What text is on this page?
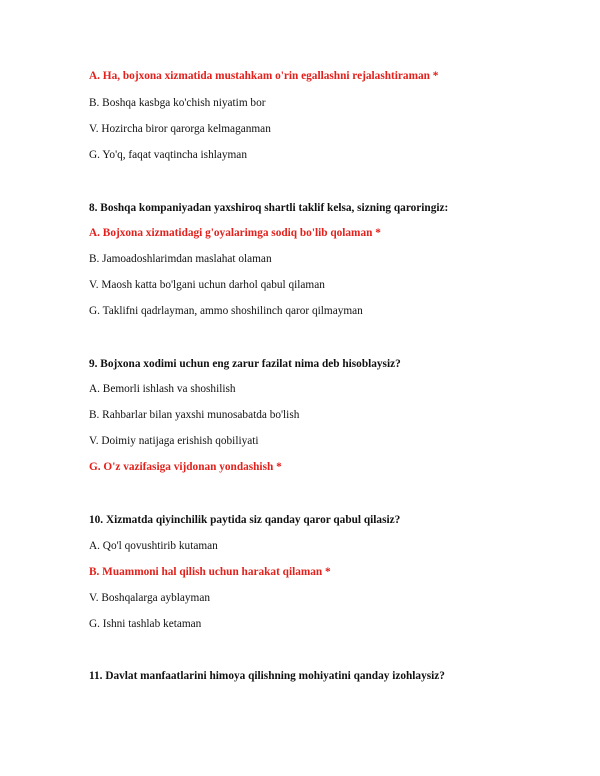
A. Ha, bojxona xizmatida mustahkam o'rin egallashni rejalashtiraman *
B. Boshqa kasbga ko'chish niyatim bor
V. Hozircha biror qarorga kelmaganman
G. Yo'q, faqat vaqtincha ishlayman
8. Boshqa kompaniyadan yaxshiroq shartli taklif kelsa, sizning qaroringiz:
A. Bojxona xizmatidagi g'oyalarimga sodiq bo'lib qolaman *
B. Jamoadoshlarimdan maslahat olaman
V. Maosh katta bo'lgani uchun darhol qabul qilaman
G. Taklifni qadrlayman, ammo shoshilinch qaror qilmayman
9. Bojxona xodimi uchun eng zarur fazilat nima deb hisoblaysiz?
A. Bemorli ishlash va shoshilish
B. Rahbarlar bilan yaxshi munosabatda bo'lish
V. Doimiy natijaga erishish qobiliyati
G. O'z vazifasiga vijdonan yondashish *
10. Xizmatda qiyinchilik paytida siz qanday qaror qabul qilasiz?
A. Qo'l qovushtirib kutaman
B. Muammoni hal qilish uchun harakat qilaman *
V. Boshqalarga ayblayman
G. Ishni tashlab ketaman
11. Davlat manfaatlarini himoya qilishning mohiyatini qanday izohlaysiz?
